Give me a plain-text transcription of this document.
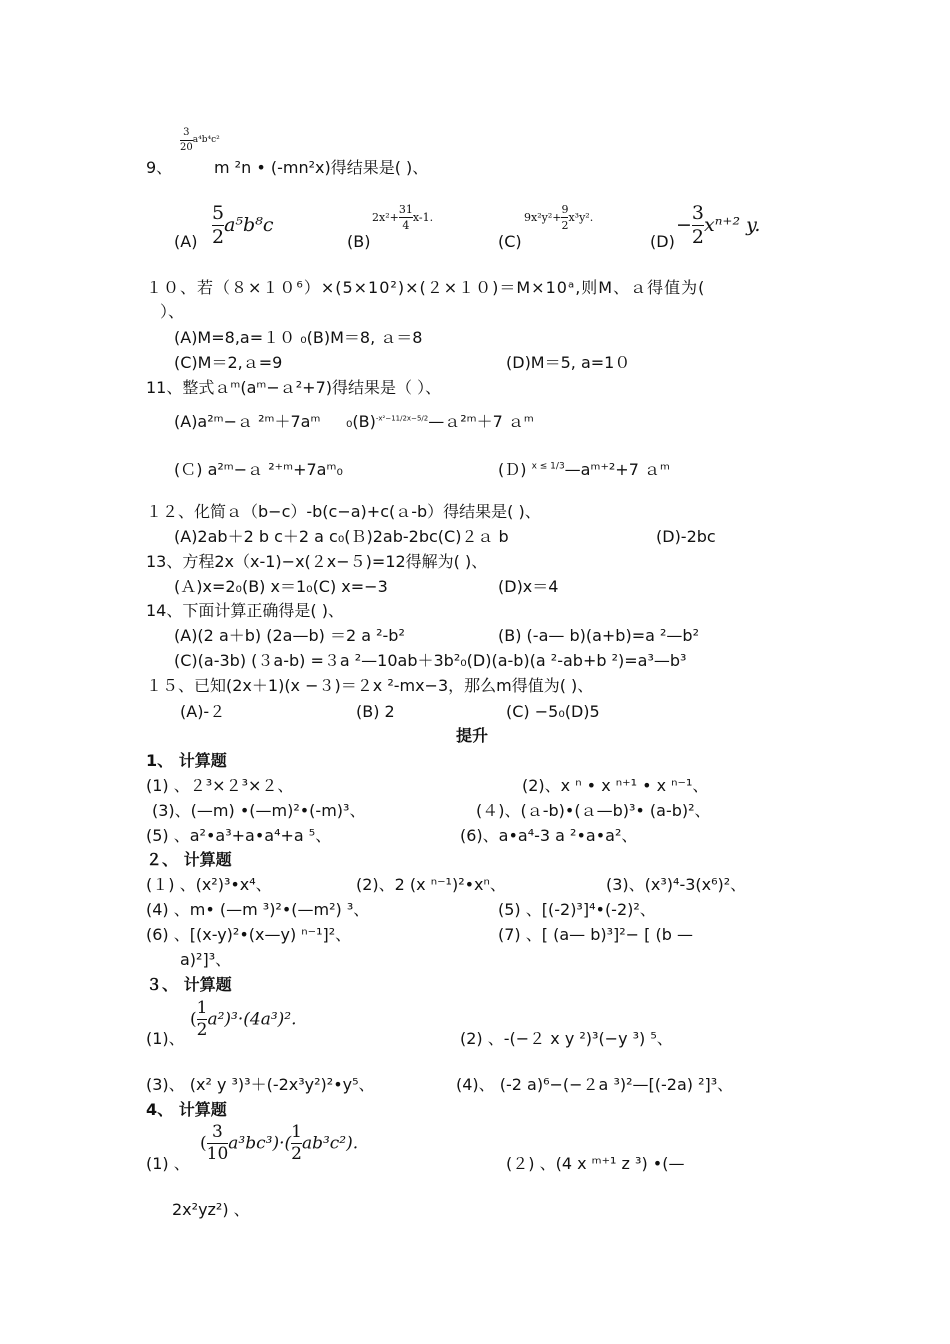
$\frac{3}{20} a^4b^4c^2$
9、	m ²n • (-mn²x)得结果是( )、
$(A) \frac{5}{2} a^5b^8c$
(B)
$2x^2+ \frac{31}{4} x-1$.
(C)
$9x^2y^2+ \frac{9}{2} x^3y^2$.
(D)
− $\frac{3}{2} x^{n+2}$ y.
１０、若（８×１０⁶）×(5×10²)×(２×１０)＝M×10ᵃ,则M、ａ得值为(
）、
(A)M=8,a=１０ ₀(B)M＝8, ａ＝8
(C)M＝2,ａ=9	(D)M＝5, a=1０
11、整式ａᵐ(aᵐ−ａ²+7)得结果是（ ）、
(A)a²ᵐ−ａ ²ᵐ＋7aᵐ $_0(B)^{-x^2-11/2x-5/2}—a^2ᵐ+7$ ａᵐ
(Ｃ) a²ᵐ−ａ ²⁺ᵐ+7aᵐ₀	(Ｄ) $^{x \le 1/3}$—aᵐ⁺²+7 ａᵐ
１２、化简ａ（b−c）-b(c−a)+c(ａ-b）得结果是( )、
(A)2ab＋2 b c＋2 a c₀(Ｂ)2ab-2bc(C)２ａ b	(D)-2bc
13、方程2x（x-1)−x(２x−５)=12得解为( )、
(Ａ)x=2₀(B) x＝1₀(C) x=−3	(D)x＝4
14、下面计算正确得是( )、
(A)(2 a＋b) (2a—b) ＝2 a ²-b²	(B) (-a— b)(a+b)=a ²—b²
(C)(a-3b) (３a-b) =３a ²—10ab＋3b²₀(D)(a-b)(a ²-ab+b ²)=a³—b³
１５、已知(2x＋1)(x −３)＝２x ²-mx−3，那么m得值为( )、
(A)-２	(B) 2	(C) −5₀(D)5
提升
1、 计算题
(1) 、２³×２³×２、	(2)、x ⁿ • x ⁿ⁺¹ • x ⁿ⁻¹、
(3)、(—m) •(—m)²•(-m)³、	(４)、(ａ-b)•(ａ—b)³• (a-b)²、
(5) 、a²•a³+a•a⁴+a ⁵、	(6)、a•a⁴-3 a ²•a•a²、
２、 计算题
(１) 、(x²)³•x⁴、	(2)、2 (x ⁿ⁻¹)²•xⁿ、	(3)、(x³)⁴-3(x⁶)²、
(4) 、m• (—m ³)²•(—m²) ³、	(5) 、[(-2)³]⁴•(-2)²、
(6) 、[(x-y)²•(x—y) ⁿ⁻¹]²、	(7) 、[ (a— b)³]²− [ (b —
a)²]³、
３、 计算题
(1)、
( $\frac{1}{2} a^2)^3\cdot(4a^3)^2$.
(2) 、-(−２ x y ²)³(−y ³) ⁵、
(3)、 (x² y ³)³＋(-2x³y²)²•y⁵、	(4)、 (-2 a)⁶−(−２a ³)²—[(-2a) ²]³、
4、 计算题
(1) 、
( $\frac{3}{10} a^3bc^3)\cdot( \frac{1}{2} ab^3c^2)$.
(２) 、(4 x ᵐ⁺¹ z ³) •(—
2x²yz²) 、
